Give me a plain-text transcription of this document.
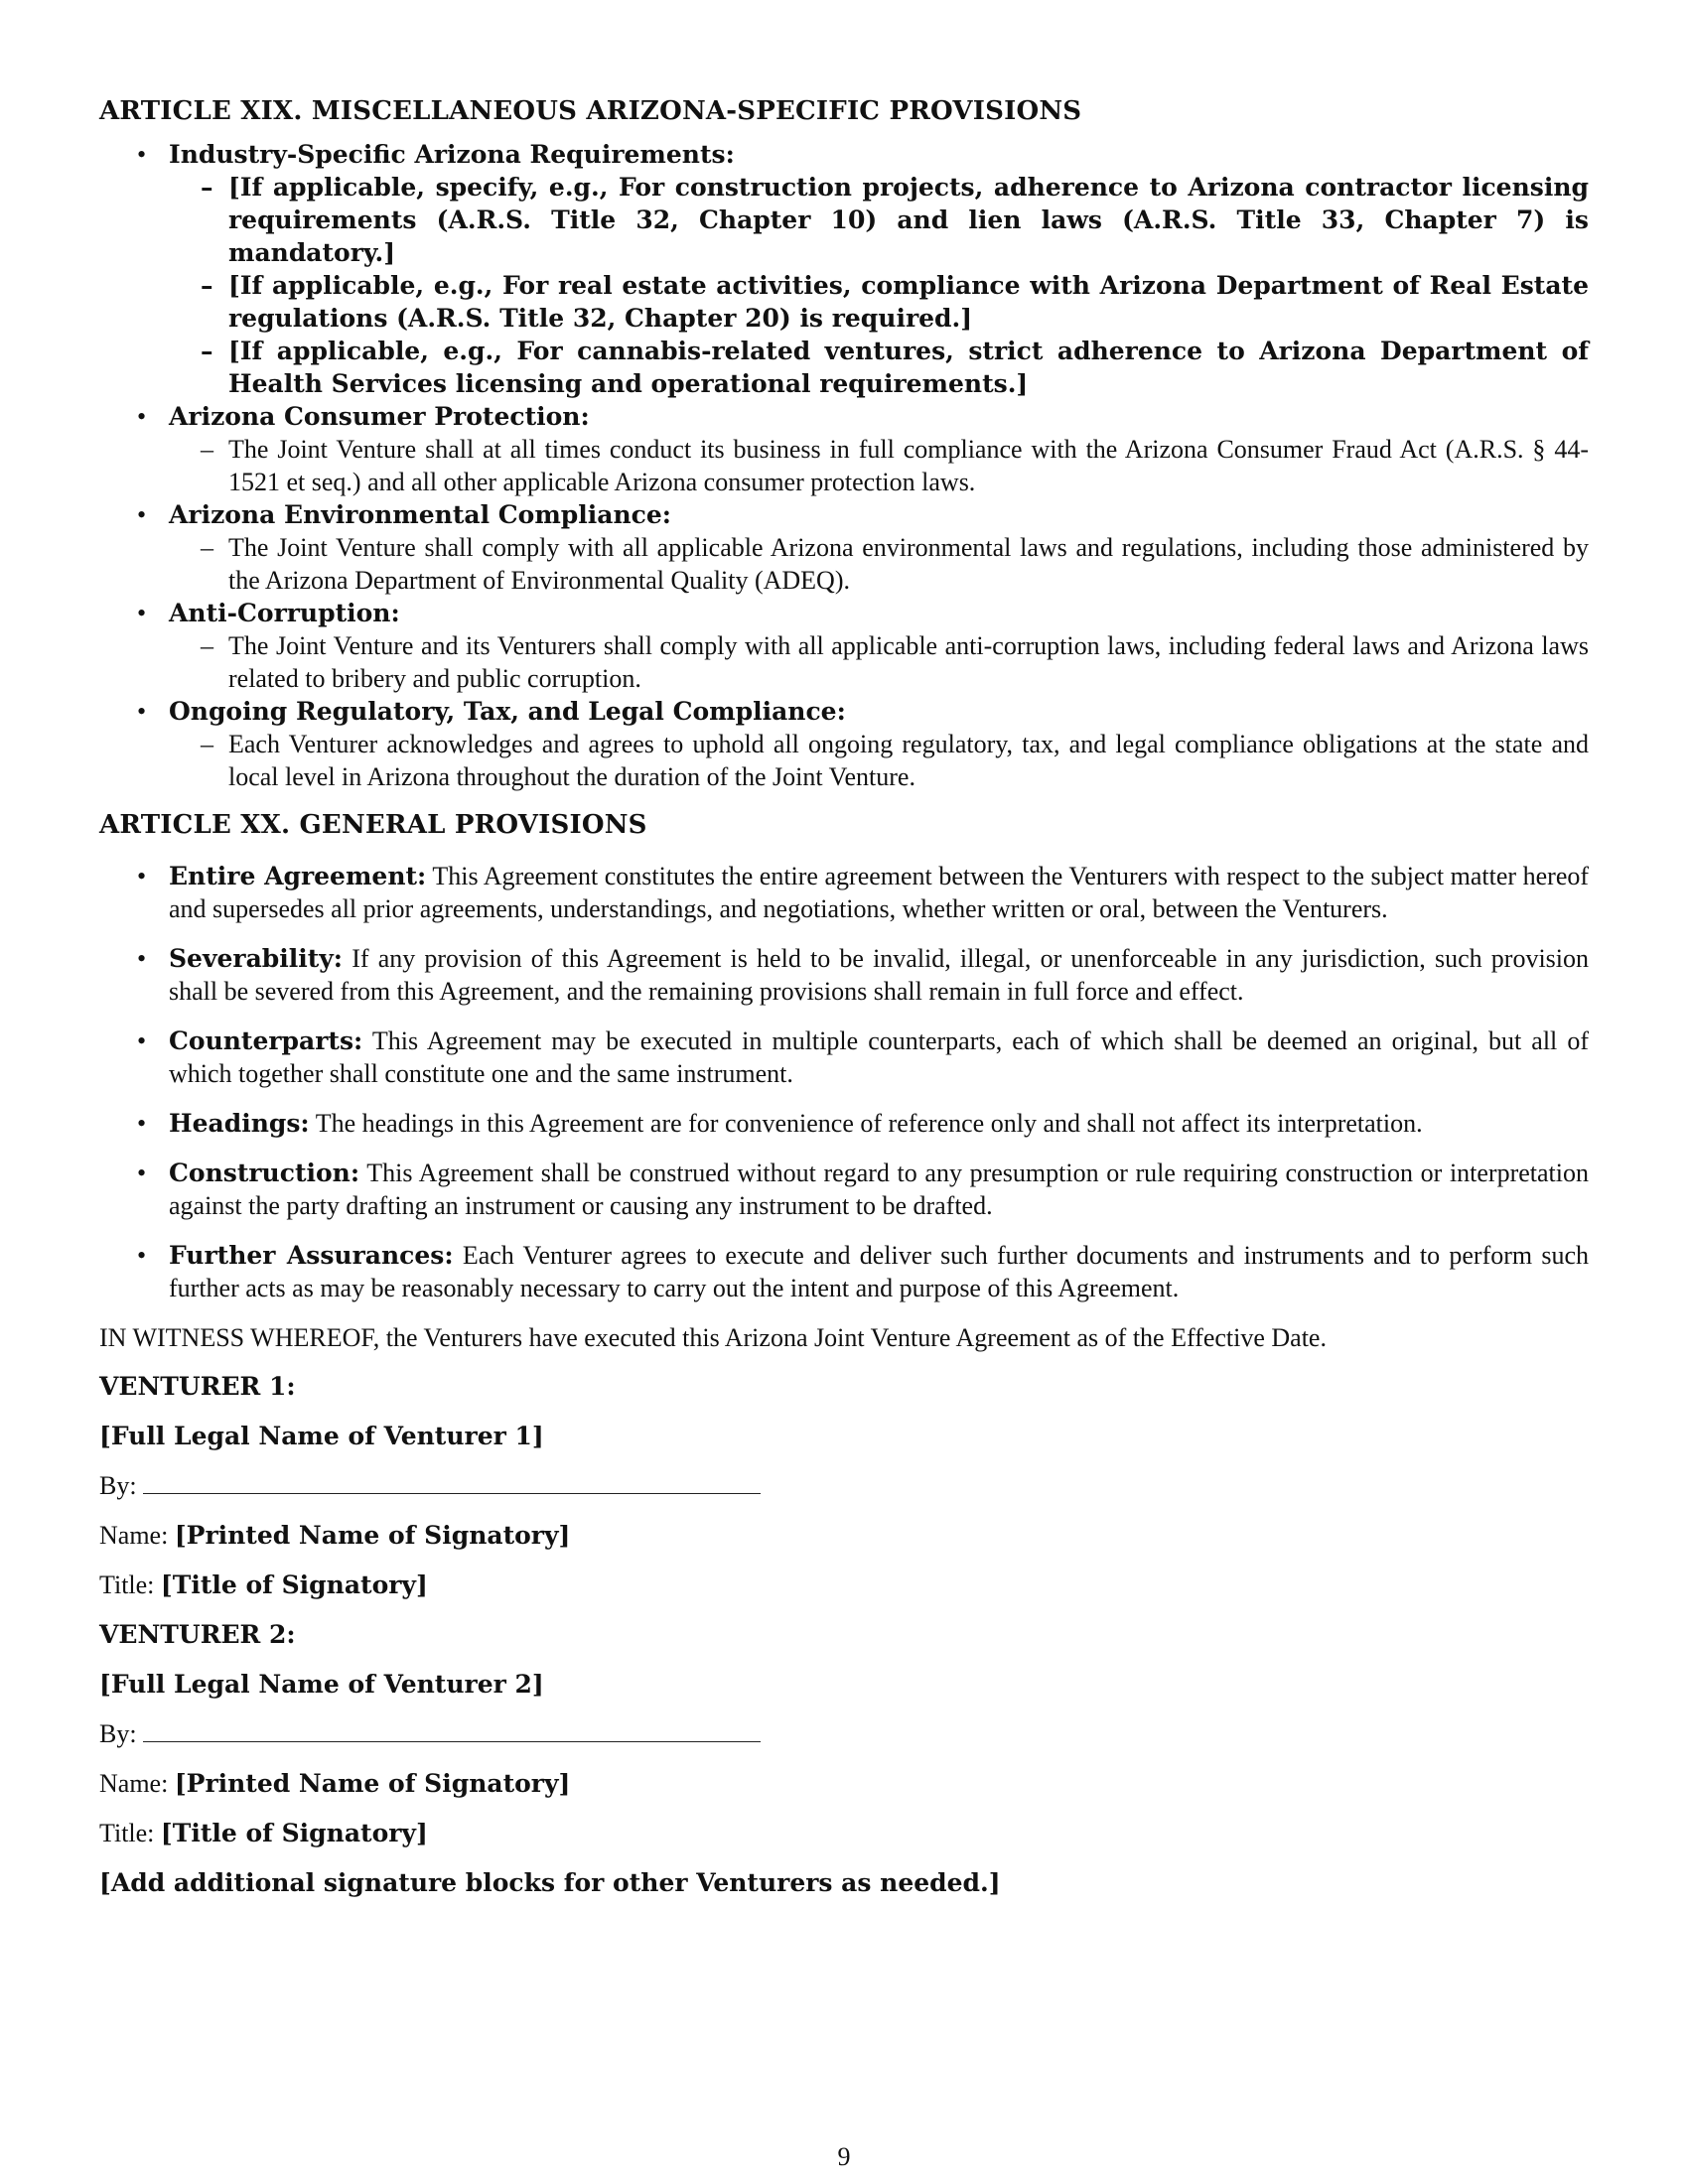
ARTICLE XIX. MISCELLANEOUS ARIZONA-SPECIFIC PROVISIONS
• Industry-Specific Arizona Requirements:
– [If applicable, specify, e.g., For construction projects, adherence to Arizona contractor licensing requirements (A.R.S. Title 32, Chapter 10) and lien laws (A.R.S. Title 33, Chapter 7) is mandatory.]
– [If applicable, e.g., For real estate activities, compliance with Arizona Department of Real Estate regulations (A.R.S. Title 32, Chapter 20) is required.]
– [If applicable, e.g., For cannabis-related ventures, strict adherence to Arizona Department of Health Services licensing and operational requirements.]
• Arizona Consumer Protection:
– The Joint Venture shall at all times conduct its business in full compliance with the Arizona Consumer Fraud Act (A.R.S. § 44-1521 et seq.) and all other applicable Arizona consumer protection laws.
• Arizona Environmental Compliance:
– The Joint Venture shall comply with all applicable Arizona environmental laws and regulations, including those administered by the Arizona Department of Environmental Quality (ADEQ).
• Anti-Corruption:
– The Joint Venture and its Venturers shall comply with all applicable anti-corruption laws, including federal laws and Arizona laws related to bribery and public corruption.
• Ongoing Regulatory, Tax, and Legal Compliance:
– Each Venturer acknowledges and agrees to uphold all ongoing regulatory, tax, and legal compliance obligations at the state and local level in Arizona throughout the duration of the Joint Venture.
ARTICLE XX. GENERAL PROVISIONS
• Entire Agreement: This Agreement constitutes the entire agreement between the Venturers with respect to the subject matter hereof and supersedes all prior agreements, understandings, and negotiations, whether written or oral, between the Venturers.
• Severability: If any provision of this Agreement is held to be invalid, illegal, or unenforceable in any jurisdiction, such provision shall be severed from this Agreement, and the remaining provisions shall remain in full force and effect.
• Counterparts: This Agreement may be executed in multiple counterparts, each of which shall be deemed an original, but all of which together shall constitute one and the same instrument.
• Headings: The headings in this Agreement are for convenience of reference only and shall not affect its interpretation.
• Construction: This Agreement shall be construed without regard to any presumption or rule requiring construction or interpretation against the party drafting an instrument or causing any instrument to be drafted.
• Further Assurances: Each Venturer agrees to execute and deliver such further documents and instruments and to perform such further acts as may be reasonably necessary to carry out the intent and purpose of this Agreement.

IN WITNESS WHEREOF, the Venturers have executed this Arizona Joint Venture Agreement as of the Effective Date.

VENTURER 1:

[Full Legal Name of Venturer 1]

By:

Name: [Printed Name of Signatory]

Title: [Title of Signatory]

VENTURER 2:

[Full Legal Name of Venturer 2]

By:

Name: [Printed Name of Signatory]

Title: [Title of Signatory]

[Add additional signature blocks for other Venturers as needed.]

9
